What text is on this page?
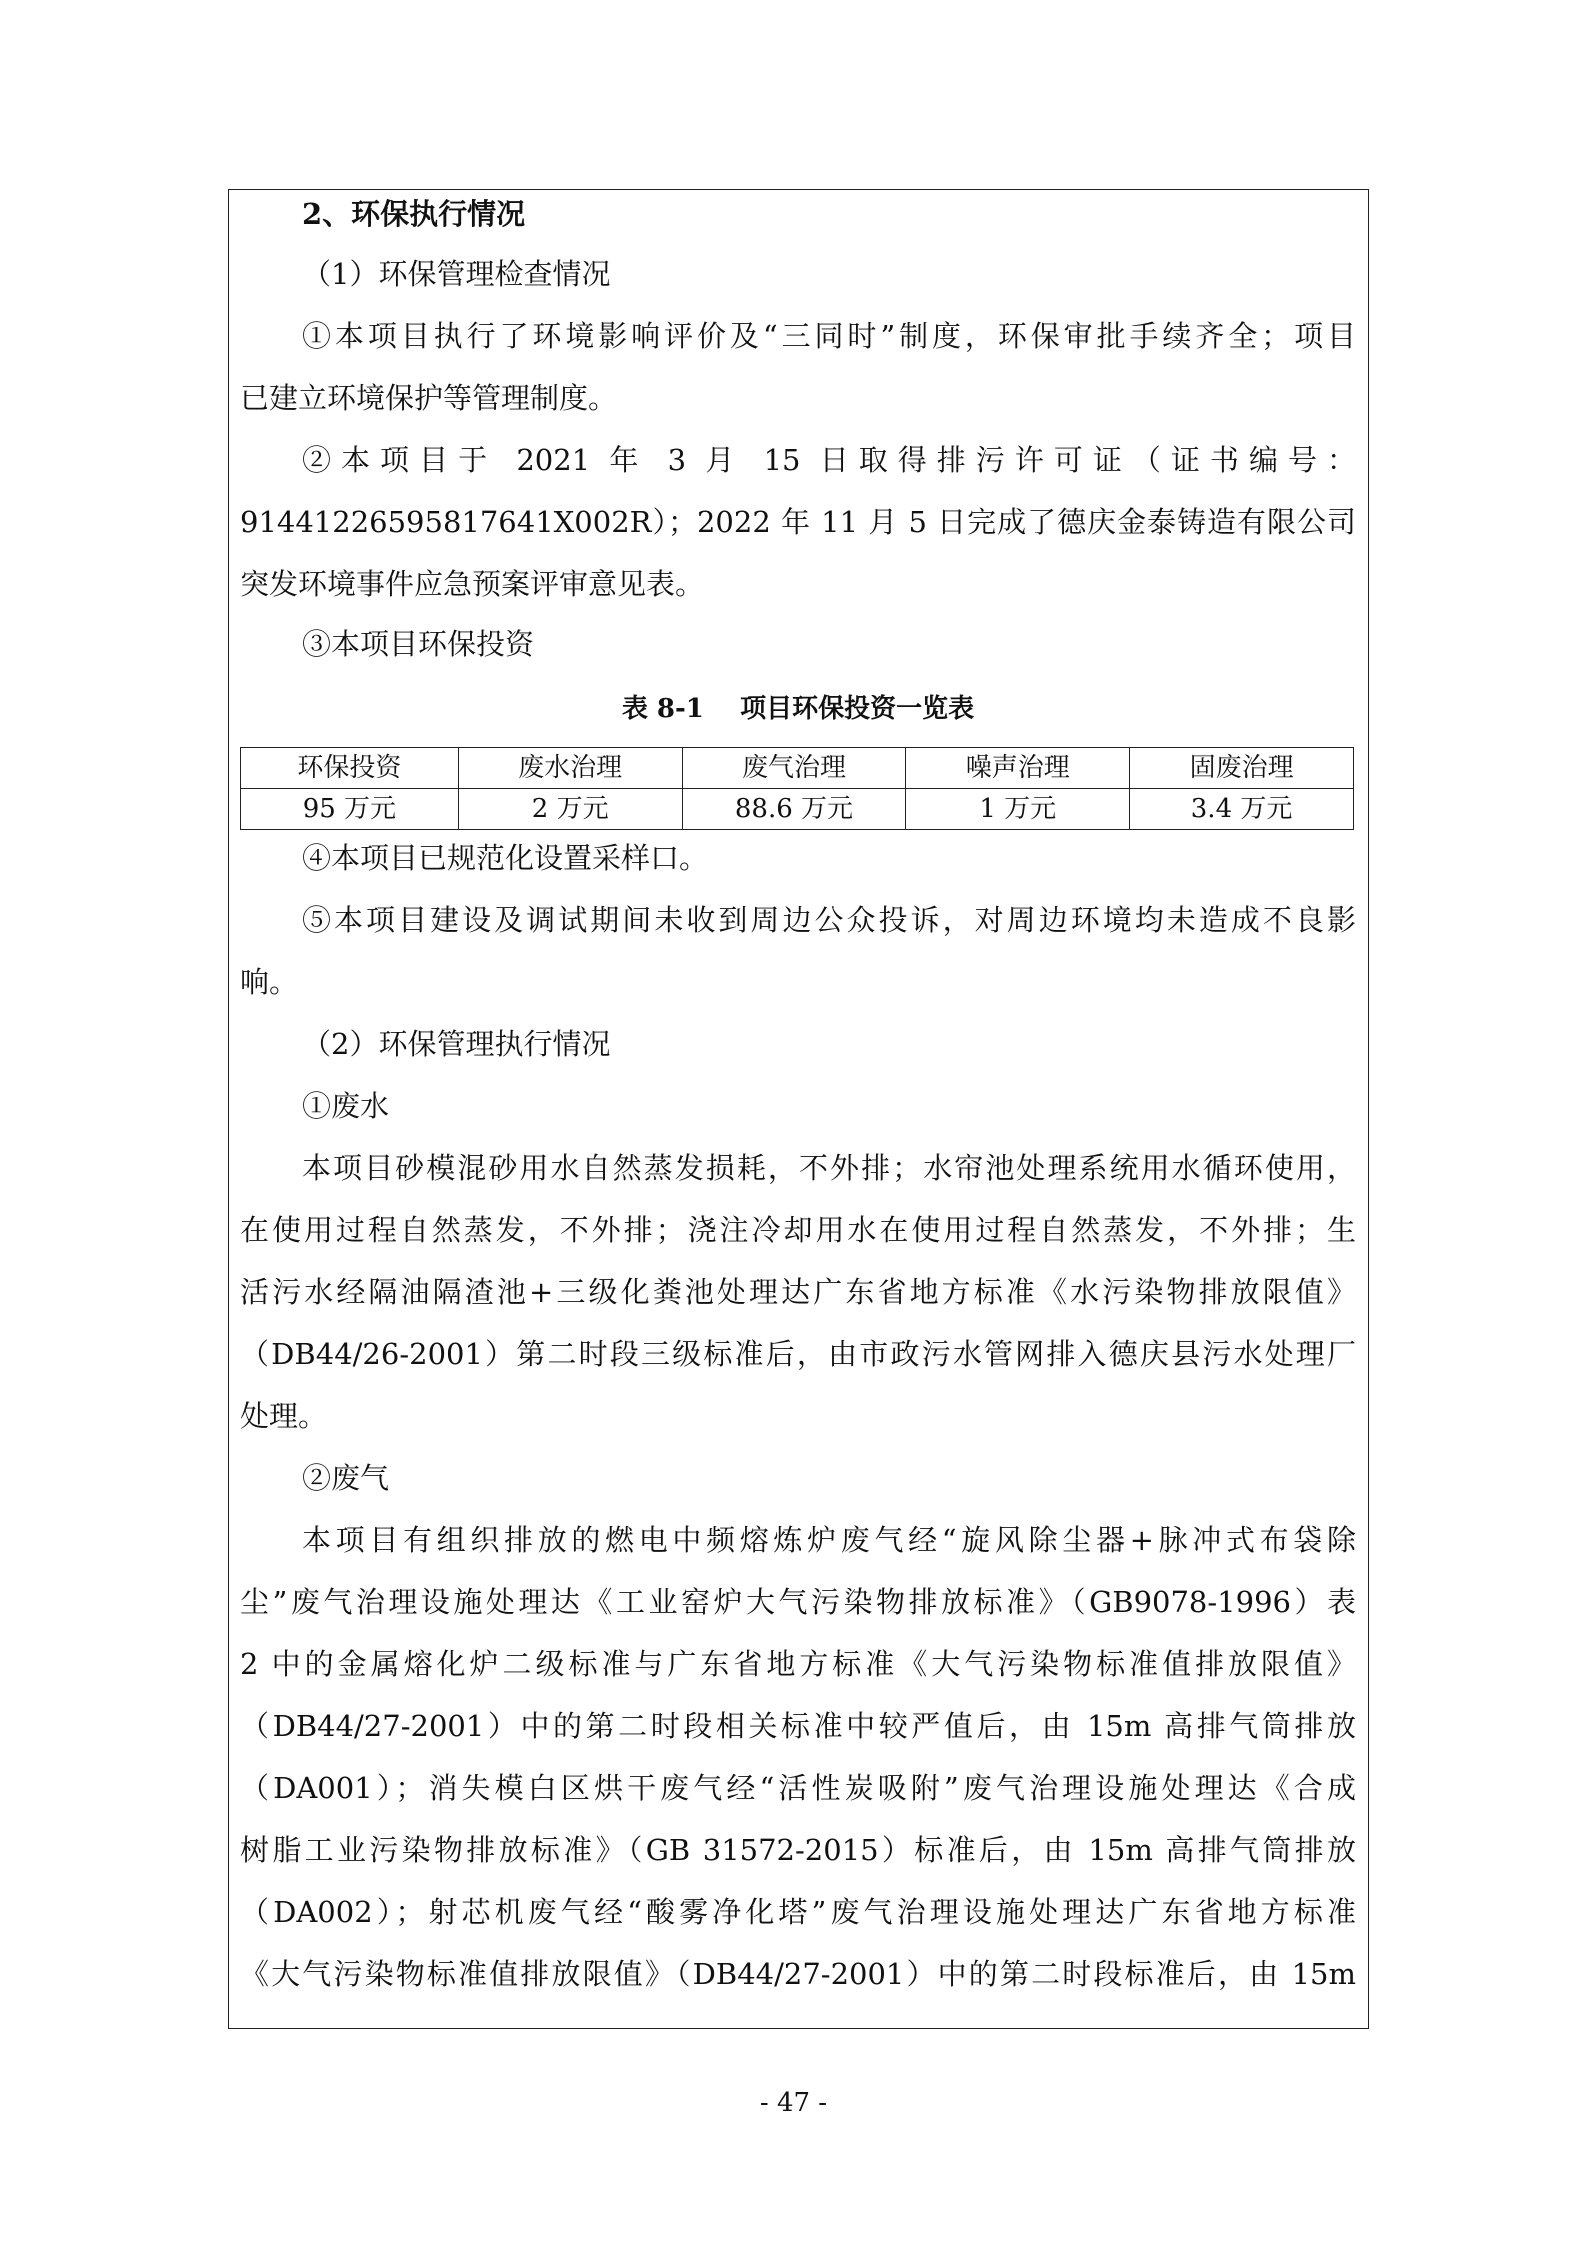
2、环保执行情况
（1）环保管理检查情况
①本项目执行了环境影响评价及“三同时”制度，环保审批手续齐全；项目
已建立环境保护等管理制度。
②本项目于 2021 年 3 月 15 日取得排污许可证（证书编号：
91441226595817641X002R）；2022 年 11 月 5 日完成了德庆金泰铸造有限公司
突发环境事件应急预案评审意见表。
③本项目环保投资
表 8-1    项目环保投资一览表
环保投资	废水治理	废气治理	噪声治理	固废治理
95 万元	2 万元	88.6 万元	1 万元	3.4 万元
④本项目已规范化设置采样口。
⑤本项目建设及调试期间未收到周边公众投诉，对周边环境均未造成不良影
响。
（2）环保管理执行情况
①废水
本项目砂模混砂用水自然蒸发损耗，不外排；水帘池处理系统用水循环使用，
在使用过程自然蒸发，不外排；浇注冷却用水在使用过程自然蒸发，不外排；生
活污水经隔油隔渣池+三级化粪池处理达广东省地方标准《水污染物排放限值》
（DB44/26-2001）第二时段三级标准后，由市政污水管网排入德庆县污水处理厂
处理。
②废气
本项目有组织排放的燃电中频熔炼炉废气经“旋风除尘器+脉冲式布袋除
尘”废气治理设施处理达《工业窑炉大气污染物排放标准》（GB9078-1996）表
2 中的金属熔化炉二级标准与广东省地方标准《大气污染物标准值排放限值》
（DB44/27-2001）中的第二时段相关标准中较严值后，由 15m 高排气筒排放
（DA001）；消失模白区烘干废气经“活性炭吸附”废气治理设施处理达《合成
树脂工业污染物排放标准》（GB 31572-2015）标准后，由 15m 高排气筒排放
（DA002）；射芯机废气经“酸雾净化塔”废气治理设施处理达广东省地方标准
《大气污染物标准值排放限值》（DB44/27-2001）中的第二时段标准后，由 15m
- 47 -
